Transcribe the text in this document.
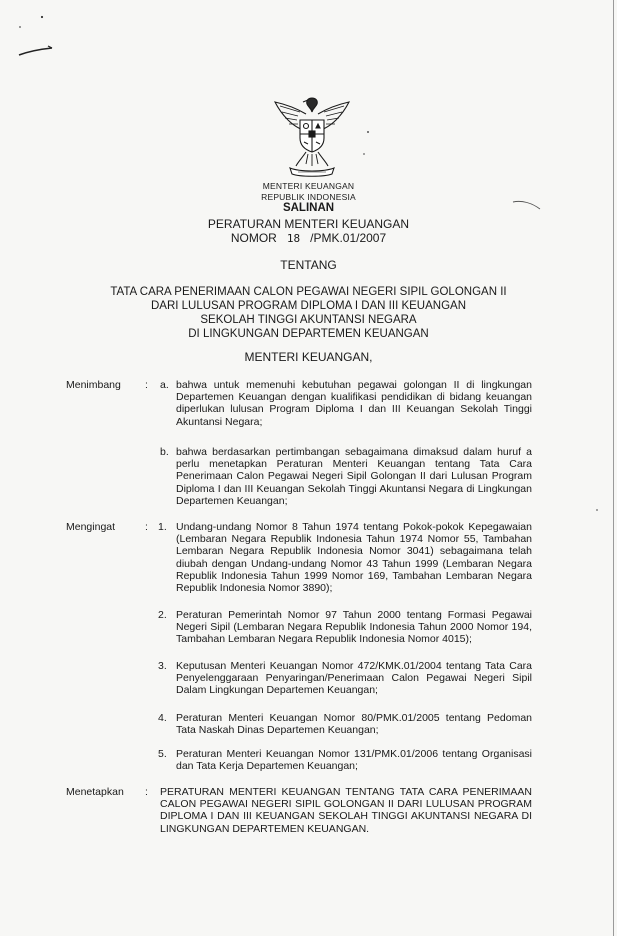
MENTERI KEUANGAN
REPUBLIK INDONESIA
SALINAN
PERATURAN MENTERI KEUANGAN
NOMOR 18 /PMK.01/2007
TENTANG
TATA CARA PENERIMAAN CALON PEGAWAI NEGERI SIPIL GOLONGAN II
DARI LULUSAN PROGRAM DIPLOMA I DAN III KEUANGAN
SEKOLAH TINGGI AKUNTANSI NEGARA
DI LINGKUNGAN DEPARTEMEN KEUANGAN
MENTERI KEUANGAN,
Menimbang : a. bahwa untuk memenuhi kebutuhan pegawai golongan II di lingkungan Departemen Keuangan dengan kualifikasi pendidikan di bidang keuangan diperlukan lulusan Program Diploma I dan III Keuangan Sekolah Tinggi Akuntansi Negara;
b. bahwa berdasarkan pertimbangan sebagaimana dimaksud dalam huruf a perlu menetapkan Peraturan Menteri Keuangan tentang Tata Cara Penerimaan Calon Pegawai Negeri Sipil Golongan II dari Lulusan Program Diploma I dan III Keuangan Sekolah Tinggi Akuntansi Negara di Lingkungan Departemen Keuangan;
Mengingat	: 1. Undang-undang Nomor 8 Tahun 1974 tentang Pokok-pokok Kepegawaian (Lembaran Negara Republik Indonesia Tahun 1974 Nomor 55, Tambahan Lembaran Negara Republik Indonesia Nomor 3041) sebagaimana telah diubah dengan Undang-undang Nomor 43 Tahun 1999 (Lembaran Negara Republik Indonesia Tahun 1999 Nomor 169, Tambahan Lembaran Negara Republik Indonesia Nomor 3890);
2. Peraturan Pemerintah Nomor 97 Tahun 2000 tentang Formasi Pegawai Negeri Sipil (Lembaran Negara Republik Indonesia Tahun 2000 Nomor 194, Tambahan Lembaran Negara Republik Indonesia Nomor 4015);
3. Keputusan Menteri Keuangan Nomor 472/KMK.01/2004 tentang Tata Cara Penyelenggaraan Penyaringan/Penerimaan Calon Pegawai Negeri Sipil Dalam Lingkungan Departemen Keuangan;
4. Peraturan Menteri Keuangan Nomor 80/PMK.01/2005 tentang Pedoman Tata Naskah Dinas Departemen Keuangan;
5. Peraturan Menteri Keuangan Nomor 131/PMK.01/2006 tentang Organisasi dan Tata Kerja Departemen Keuangan;
Menetapkan : PERATURAN MENTERI KEUANGAN TENTANG TATA CARA PENERIMAAN CALON PEGAWAI NEGERI SIPIL GOLONGAN II DARI LULUSAN PROGRAM DIPLOMA I DAN III KEUANGAN SEKOLAH TINGGI AKUNTANSI NEGARA DI LINGKUNGAN DEPARTEMEN KEUANGAN.
